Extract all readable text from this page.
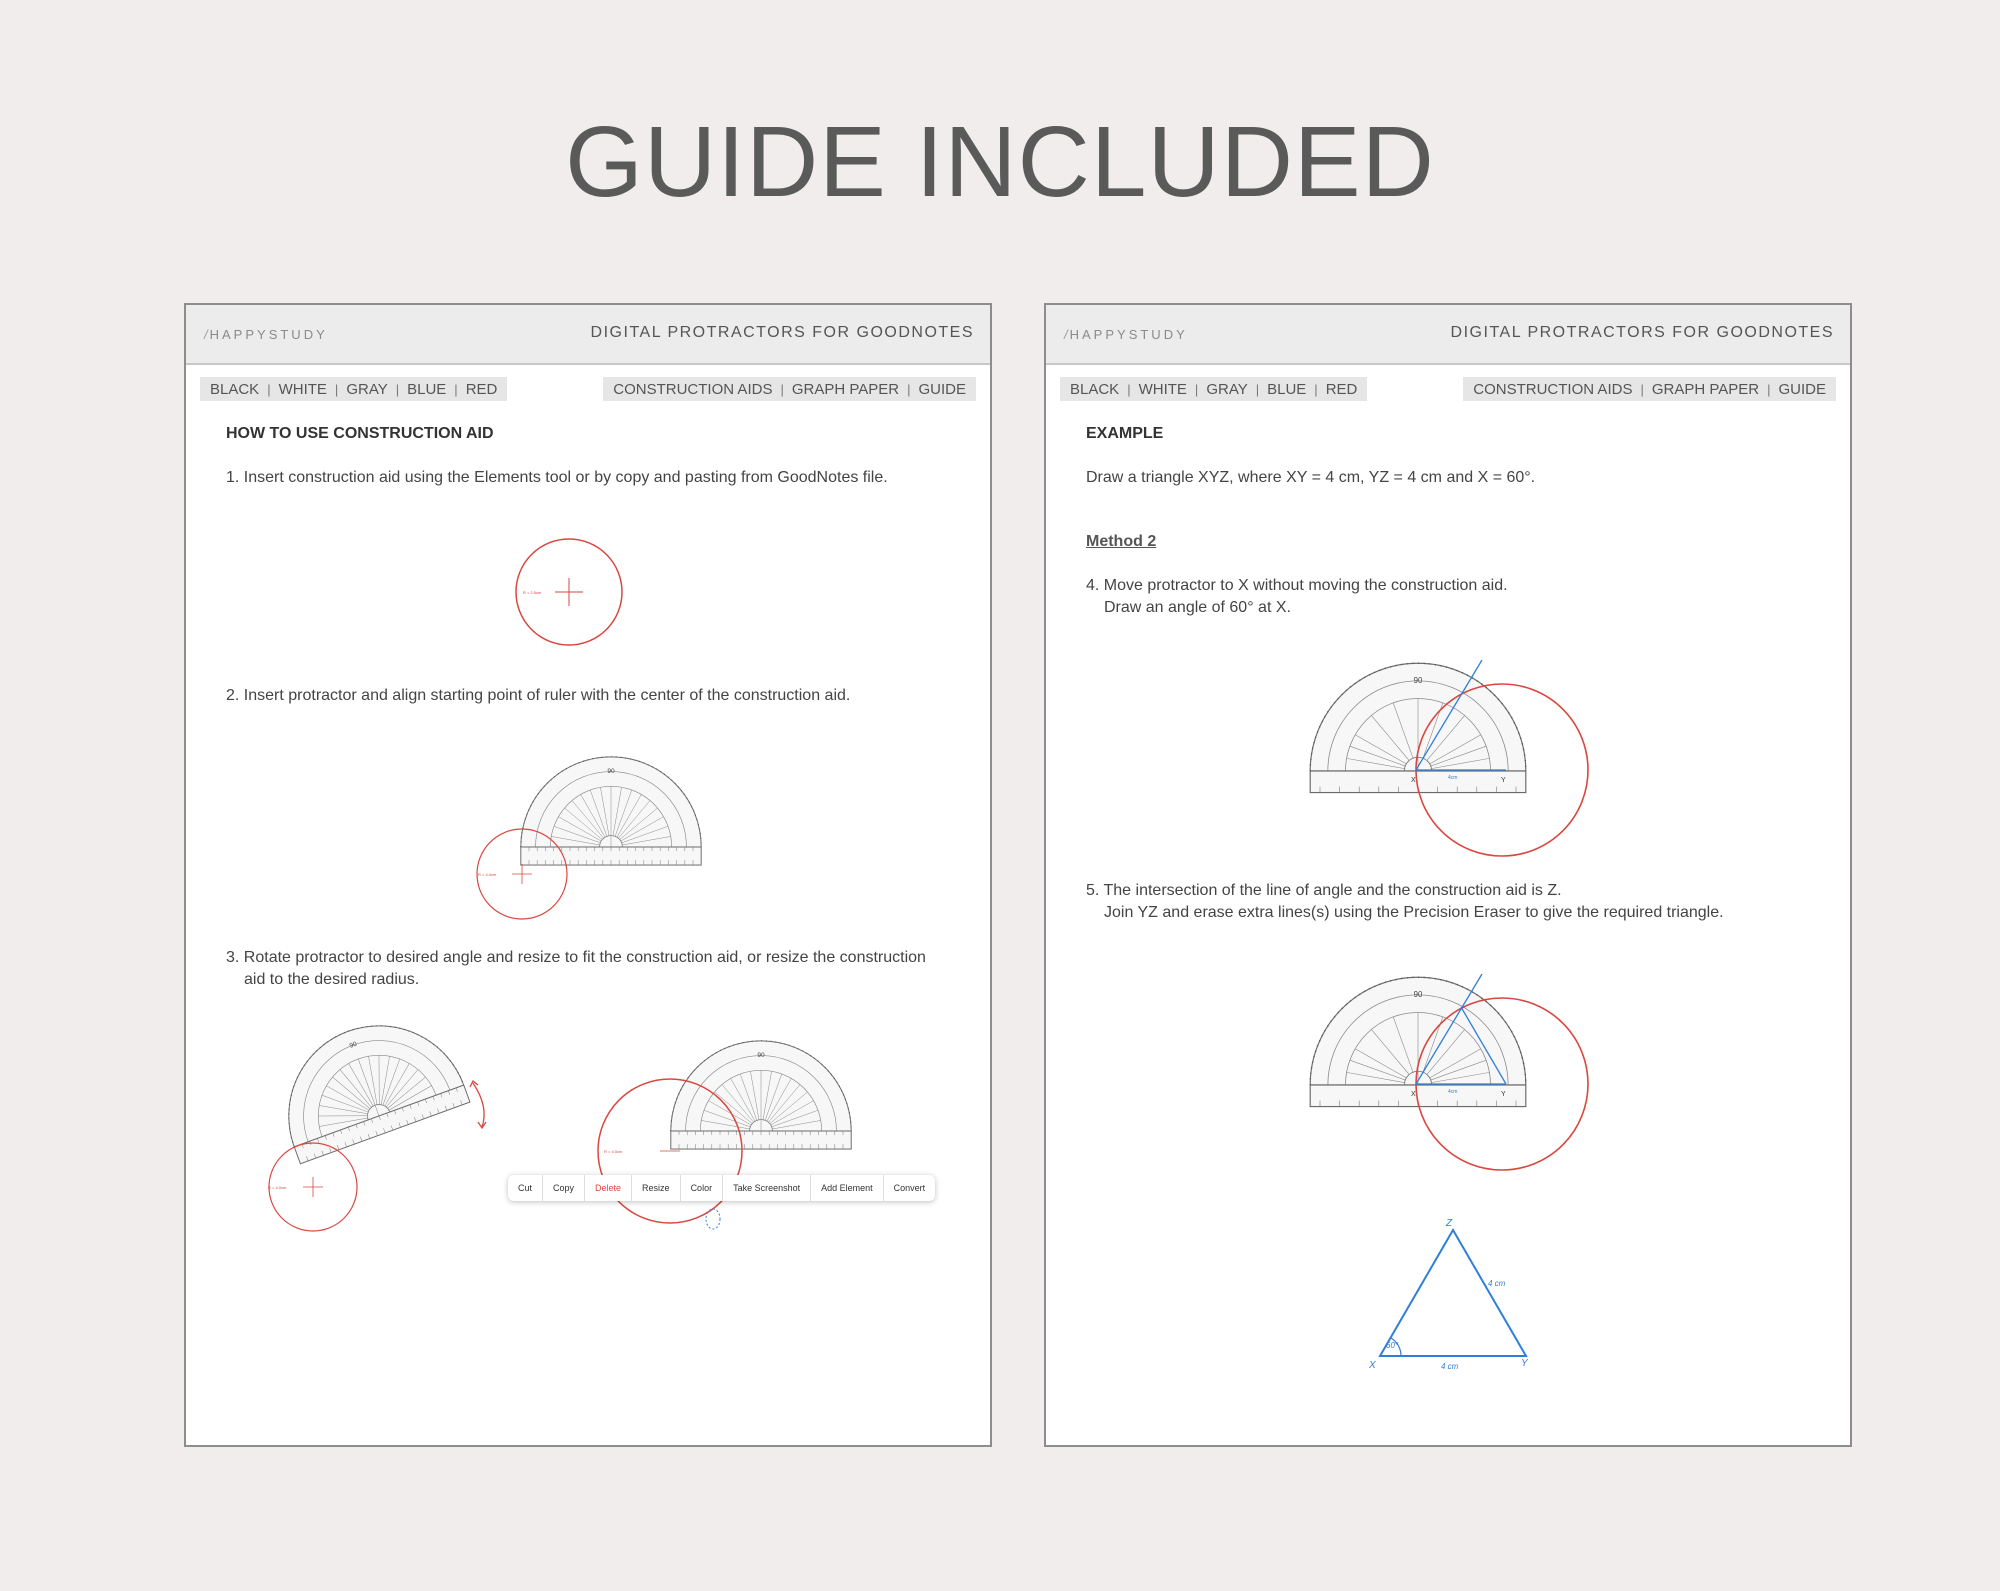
GUIDE INCLUDED
/ HAPPYSTUDY	DIGITAL PROTRACTORS FOR GOODNOTES
BLACK | WHITE | GRAY | BLUE | RED	CONSTRUCTION AIDS | GRAPH PAPER | GUIDE
HOW TO USE CONSTRUCTION AID
1. Insert construction aid using the Elements tool or by copy and pasting from GoodNotes file.
2. Insert protractor and align starting point of ruler with the center of the construction aid.
3. Rotate protractor to desired angle and resize to fit the construction aid, or resize the construction
aid to the desired radius.
R = 2.5cm
R = 4.0cm
R = 4.0cm
R = 4.0cm
Cut	Copy	Delete	Resize	Color	Take Screenshot	Add Element	Convert
/ HAPPYSTUDY	DIGITAL PROTRACTORS FOR GOODNOTES
BLACK | WHITE | GRAY | BLUE | RED	CONSTRUCTION AIDS | GRAPH PAPER | GUIDE
EXAMPLE
Draw a triangle XYZ, where XY = 4 cm, YZ = 4 cm and X = 60°.
Method 2
4. Move protractor to X without moving the construction aid.
Draw an angle of 60° at X.
5. The intersection of the line of angle and the construction aid is Z.
Join YZ and erase extra lines(s) using the Precision Eraser to give the required triangle.
X	Y
4cm
X	Y
4cm
X	Y
Z
4 cm
4 cm
60°
